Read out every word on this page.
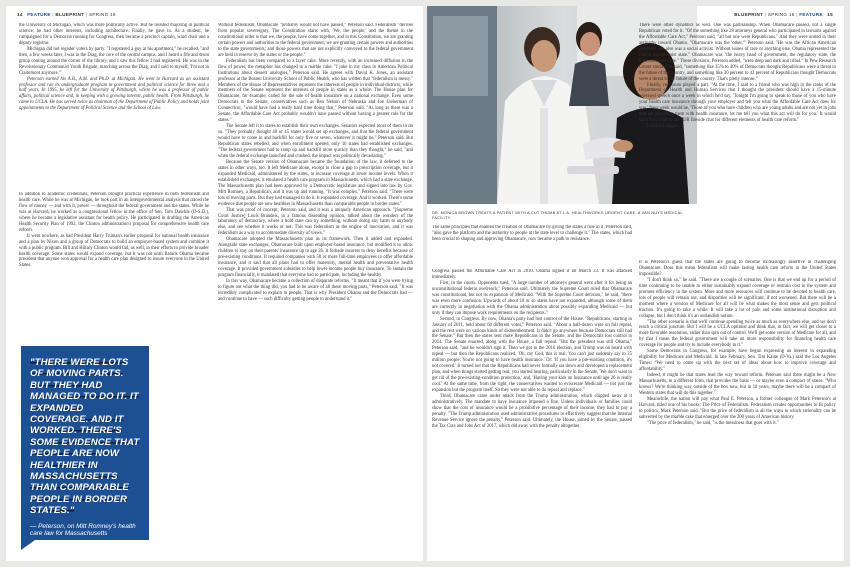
14 FEATURE | BLUEPRINT | SPRING 16

the University of Michigan, which was more politically active. But he resisted majoring in political science; he had other interests, including architecture. Finally, he gave in. As a student, he campaigned for a Democrat running for Congress, then became a precinct captain, ward chair and a deputy registrar.

Michigan did not register voters by party. "I registered a guy at his apartment," he recalled, "and then, a few weeks later, I was in the Diag, the core of the central campus, and I heard a fife and drum group coming around the corner of the library, and I saw this fellow I had registered. He was in the Revolutionary Communist Youth Brigade, marching across the Diag, and I said to myself, 'I'm not in Clairemont anymore.'"

Peterson earned his A.B., A.M. and Ph.D. at Michigan. He went to Harvard as an assistant professor and ran its undergraduate program in government and political science for three and a half years. In 1995, he left for the University of Pittsburgh, where he was a professor of public affairs, political science and, in keeping with a growing interest, public health. From Pittsburgh, he came to UCLA. He has served twice as chairman of the Department of Public Policy and holds joint appointments to the Department of Political Science and the School of Law.

In addition to academic credentials, Peterson brought practical experience in both federalism and health care. While he was at Michigan, he took part in an intergovernmental analysis that traced the flow of money — and with it, power — throughout the federal government and the states. While he was at Harvard, he worked as a congressional fellow in the office of Sen. Tom Daschle (D-S.D.), where he became a legislative assistant for health policy. He participated in drafting the American Health Security Plan of 1992, the Clinton administration's proposal for comprehensive health care reform.

It went nowhere, as had President Harry Truman's earlier proposal for national health insurance and a plan by Nixon and a group of Democrats to build an employer-based system and combine it with a public program. Bill and Hillary Clinton would fail, as well, in their efforts to provide broader health coverage. Some states would expand coverage, but it was not until Barack Obama became president that anyone won approval for a health care plan designed to insure everyone in the United States.

"THERE WERE LOTS OF MOVING PARTS. BUT THEY HAD MANAGED TO DO IT. IT EXPANDED COVERAGE. AND IT WORKED. THERE'S SOME EVIDENCE THAT PEOPLE ARE NOW HEALTHIER IN MASSACHUSETTS THAN COMPARABLE PEOPLE IN BORDER STATES."
— Peterson, on Mitt Romney's health care law for Massachusetts

Without federalism, Obamacare "probably would not have passed," Peterson said. Federalism "derives from popular sovereignty. The Constitution starts with, 'We, the people,' and the theme in the constitutional order is that we, the people, have come together, and in this Constitution, we are granting certain powers and authorities to the federal government; we are granting certain powers and authorities to the state governments; and those powers that are not explicitly conveyed to the federal government are held in reserve by the states or the people."

Federalism has been compared to a layer cake. More recently, with an increased diffusion in the flow of power, the metaphor has changed to a marble cake. "I joke in my class in American Political Institutions about dessert analogies," Peterson said. He agrees with David K. Jones, an assistant professor at the Boston University School of Public Health, who has written that "federalism is messy." Members of the House of Representatives represent the interests of people in individual districts, while members of the Senate represent the interests of people in states as a whole. The House plan for Obamacare, for example, called for the sale of health insurance on a national exchange. Even some Democrats in the Senate, conservatives such as Ben Nelson of Nebraska and Joe Lieberman of Connecticut, "would have had a really hard time doing that," Peterson said. "As long as there was a Senate, the Affordable Care Act probably wouldn't have passed without having a greater role for the states."

The Senate left it to states to establish their own exchanges. Senators expected most of them to do so. "They probably thought 40 or 45 states would set up exchanges, and that the federal government would have to come in and backfill for only five or seven, whatever it might be," Peterson said. But Republican states rebelled, and when enrollment opened, only 16 states had established exchanges. "The federal government had to ramp up and backfill more quickly than they thought," he said, "and when the federal exchange launched and crashed, the impact was politically devastating."

Because the Senate version of Obamacare became the foundation of the law, it deferred to the states in other ways, too. It left Medicare alone, except to close a gap in prescription coverage, but it expanded Medicaid, administered by the states, to increase coverage at lower income levels. When it established exchanges, it emulated a health care program in Massachusetts, which had a state exchange. The Massachusetts plan had been approved by a Democratic legislature and signed into law by Gov. Mitt Romney, a Republican, and it was up and running. "It was complex," Peterson said. "There were lots of moving parts. But they had managed to do it. It expanded coverage. And it worked. There's some evidence that people are now healthier in Massachusetts than comparable people in border states."

That was proof of concept, Peterson said, and it was a uniquely American approach. "[Supreme Court Justice] Louis Brandeis, in a famous dissenting opinion, talked about the wonders of the laboratory of democracy, where a bold state can try something, without doing any harm to anybody else, and see whether it works or not. This was federalism as the engine of innovation, and it was federalism as a way to accommodate diversity of views."

Obamacare adopted the Massachusetts plan as its framework. Then it added and expanded. Alongside state exchanges, Obamacare built upon employer-based insurance, but modified it to allow children to stay on their parents' insurance up to age 26. It forbade insurers to deny benefits because of pre-existing conditions. It required companies with 50 or more full-time employees to offer affordable insurance, and it said that all plans had to offer maternity, mental health and preventative health coverage. It provided government subsidies to help lower-income people buy insurance. To sustain the program financially, it mandated that everyone had to participate, including the healthy.

In this way, Obamacare became a collection of disparate reforms. "It meant that if you were trying to figure out what the thing did, you had to be aware of all these moving parts," Peterson said. "It was incredibly complicated to explain to people. That is why President Obama and the Democrats had — and continue to have — such difficulty getting people to understand it."

BLUEPRINT | SPRING 16 | FEATURE 15
DR. MONICA BROWN TREATS A PATIENT WITH A CUT THUMB AT L.A. HEALTHWORKS URGENT CARE, A VAN NUYS MEDICAL FACILITY.

The same principles that enabled the creation of Obamacare by giving the states a role in it, Peterson said, "also gave the platform and the authority to people at the state level to challenge it." The states, which had been crucial to shaping and approving Obamacare, now became a path to resistance.

Congress passed the Affordable Care Act in 2010. Obama signed it on March 23. It was attacked immediately.

First, in the courts. Opponents sued. "A large number of attorneys general went after it for being an unconstitutional federal overreach," Peterson said. Ultimately the Supreme Court ruled that Obamacare was constitutional, but not its expansion of Medicaid. "With the Supreme Court decision," he said, "there was even more confusion. Upwards of about 18 or so states have not expanded, although some of them are currently in negotiation with the Obama administration about possibly expanding Medicaid — but only if they can impose work requirements on the recipients."

Second, in Congress. By now, Obama's party had lost control of the House. "Republicans, starting in January of 2011, held about 60 different votes," Peterson said. "About a half-dozen were on full repeal, and the rest were on various kinds of dismemberment. It didn't go anywhere because Democrats still had the Senate." But then the states sent more Republicans to the Senate, and the Democrats lost control in 2014. The Senate enacted, along with the House, a full repeal. "But the president was still Obama," Peterson said, "and he wouldn't sign it. Then we got to the 2016 election, and Trump was on board with repeal — but then the Republicans realized, 'Oh, my God, this is real. You can't just suddenly say to 25 million people: You're not going to have health insurance.' Or: 'If you have a pre-existing condition, it's not covered.' It turned out that the Republicans had never formally sat down and developed a replacement plan, and when things started getting real, you started hearing, particularly in the Senate, 'We don't want to get rid of the pre-existing-condition protection,' and, 'Having your kids on insurance until age 26 is really cool.' At the same time, from the right, the conservatives wanted to eviscerate Medicaid — not just the expansion but the program itself. So they were not able to do repeal and replace."

Third, Obamacare came under attack from the Trump administration, which chipped away at it administratively. The mandate to have insurance imposed a fine. Unless individuals or families could show that the cost of insurance would be a prohibitive percentage of their income, they had to pay a penalty. "The Trump administration used administrative procedures to effectively suggest that the Internal Revenue Service ignore the penalty," Peterson said. Ultimately, the House, joined by the Senate, passed the Tax Cuts and Jobs Act of 2017, which did away with the penalty altogether.

There were other dynamics as well. One was partisanship. When Obamacare passed, not a single Republican voted for it. "Of the something like 28 attorneys general who participated in lawsuits against the Affordable Care Act," Peterson said, "all but one were Republicans." And they were united in their antipathy toward Obama. "Obamacare was the 'other,'" Peterson said. "He was the African American president. He also was a social activist. Without issues of race or anything else, Obama represented the liberal expansionist state." Obamacare was "the heavy hand of government, the regulatory state, the interventionist state." These divisions, Peterson added, "were deep and dark and tribal." In Pew Research Center studies, he said, "something like 35% to 40% of Democrats thought Republicans were a threat to the future of the country, and something like 30 percent to 42 percent of Republicans thought Democrats were a threat to the future of the country. That's pretty intense."

Finally, confusion played a part. "At the time, I said to a friend who was high in the ranks of the Department of Health and Human Services that I thought the president should have a 15-minute televised speech once a week in which he'd say, 'Tonight I'm going to speak to those of you who have your health care insurance through your employer and tell you what the Affordable Care Act does for you.' Next week would be, 'Those of you who have children who are young adults and are not yet in jobs that are providing them with health insurance, let me tell you what this act will do for you.' It would have been kind of the FDR fireside chat for different elements of health care reform."

It did not happen.

It is Peterson's guess that the states are going to become increasingly assertive in challenging Obamacare. Does this mean federalism will make lasting health care reform in the United States impossible?

"I don't think so," he said. "There are a couple of scenarios. One is that we end up for a period of time continuing to be unable to either sustainably expand coverage or restrain cost in the system and promote efficiency in the system. More and more resources will continue to be devoted to health care, lots of people will remain out, and disparities will be significant, if not worsened. But there will be a moment where a version of Medicare for all will be what makes the most sense and gets political traction. It's going to take a while. It will take a lot of pain and some institutional disruption and collapse, but I don't think it's an outlandish notion.

"The other scenario is that we'll continue spending twice as much as everywhere else, and we don't reach a critical juncture. But I will be a UCLA optimist and think that, in fact, we will get closer to a more favorable resolution, rather than spin out of control. We'll get some version of Medicare for all, and by that I mean the federal government will take on more responsibility for financing health care coverage for people and try to include everybody in it."

Some Democrats in Congress, for example, have begun expressing an interest in expanding eligibility for Medicare and Medicaid. In late February, Sen. Tim Kaine (D-Va.) said the Los Angeles Times: "We need to come up with the next set of ideas about how to improve coverage and affordability."

Indeed, it might be that states lead the way toward reform. Peterson said there might be a New Massachusetts, in a different form, that provides the basis — or maybe even a compact of states. "Who knows? We're thinking way outside of the box now, but in 10 years, maybe there will be a compact of Western states that will do this together."

Meanwhile, the nation will pay what Paul E. Peterson, a former colleague of Mark Peterson's at Harvard, titled one of his books: The Price of Federalism. Federalism creates opportunities to fit policy to politics, Mark Peterson said. "But the price of federalism is all the ways in which rationality can be subverted by the marble cake that emerged over the 200 years of American history.

"The price of federalism," he said, "is the messiness that goes with it."
